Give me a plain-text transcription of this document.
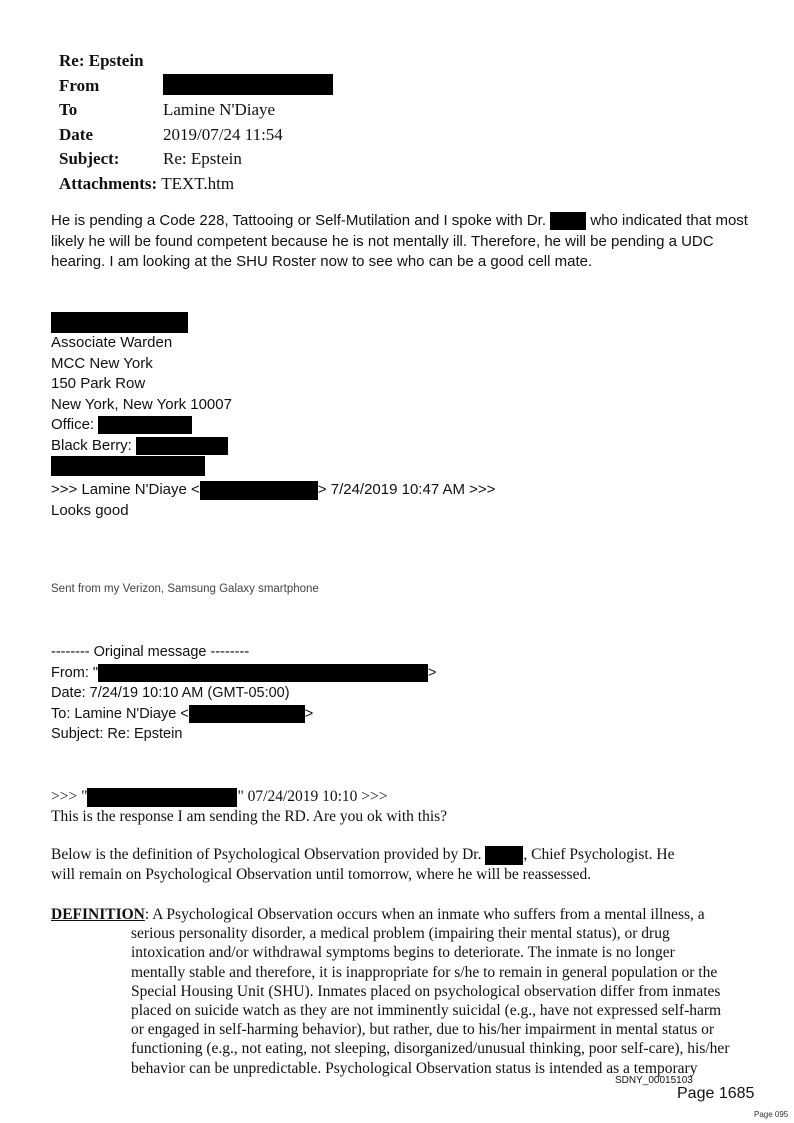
Re: Epstein
From
To	Lamine N'Diaye
Date	2019/07/24 11:54
Subject:	Re: Epstein
Attachments: TEXT.htm
He is pending a Code 228, Tattooing or Self-Mutilation and I spoke with Dr.	who indicated that most
likely he will be found competent because he is not mentally ill. Therefore, he will be pending a UDC
hearing. I am looking at the SHU Roster now to see who can be a good cell mate.
Associate Warden
MCC New York
150 Park Row
New York, New York 10007
Office:
Black Berry:
>>> Lamine N'Diaye <	> 7/24/2019 10:47 AM >>>
Looks good
Sent from my Verizon, Samsung Galaxy smartphone
-------- Original message --------
From: "	>
Date: 7/24/19 10:10 AM (GMT-05:00)
To: Lamine N'Diaye <	>
Subject: Re: Epstein
>>> "	" 07/24/2019 10:10 >>>
This is the response I am sending the RD. Are you ok with this?
Below is the definition of Psychological Observation provided by Dr.	, Chief Psychologist. He
will remain on Psychological Observation until tomorrow, where he will be reassessed.
DEFINITION: A Psychological Observation occurs when an inmate who suffers from a mental illness, a
serious personality disorder, a medical problem (impairing their mental status), or drug
intoxication and/or withdrawal symptoms begins to deteriorate. The inmate is no longer
mentally stable and therefore, it is inappropriate for s/he to remain in general population or the
Special Housing Unit (SHU). Inmates placed on psychological observation differ from inmates
placed on suicide watch as they are not imminently suicidal (e.g., have not expressed self-harm
or engaged in self-harming behavior), but rather, due to his/her impairment in mental status or
functioning (e.g., not eating, not sleeping, disorganized/unusual thinking, poor self-care), his/her
behavior can be unpredictable. Psychological Observation status is intended as a temporary
SDNY_00015103
Page 1685
Page 095
